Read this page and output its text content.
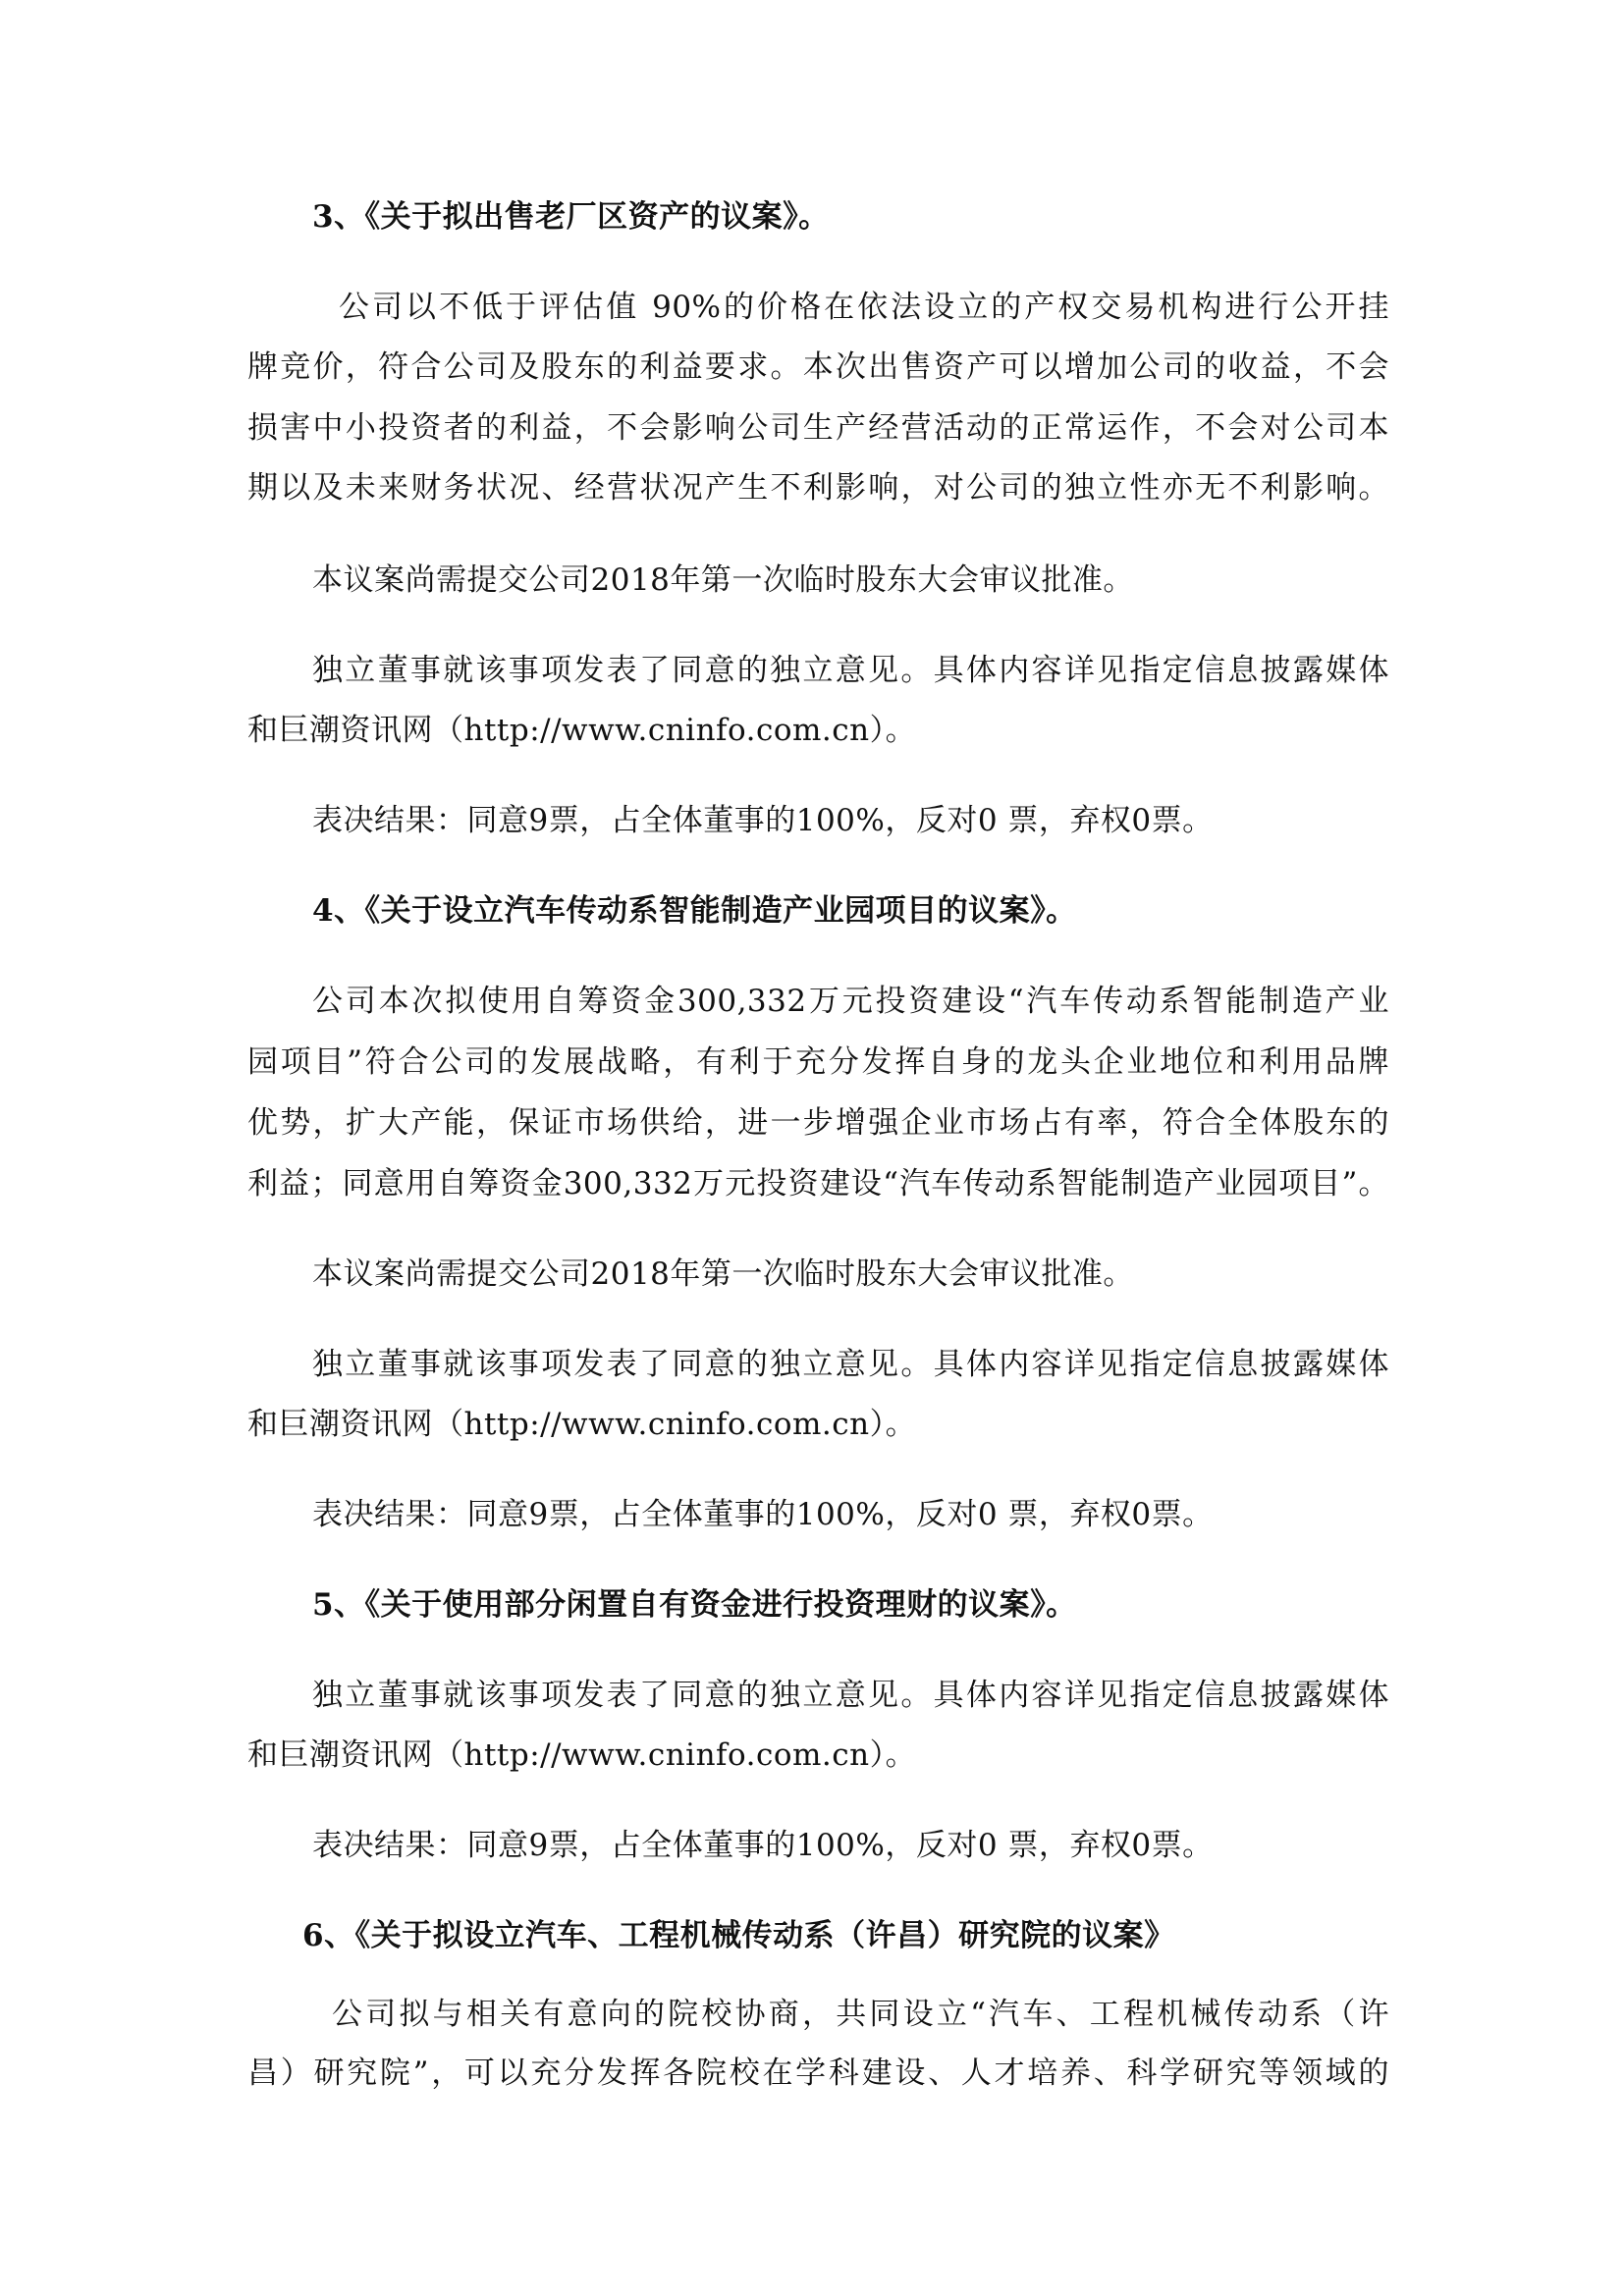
3、《关于拟出售老厂区资产的议案》。
公司以不低于评估值 90%的价格在依法设立的产权交易机构进行公开挂
牌竞价，符合公司及股东的利益要求。本次出售资产可以增加公司的收益，不会
损害中小投资者的利益，不会影响公司生产经营活动的正常运作，不会对公司本
期以及未来财务状况、经营状况产生不利影响，对公司的独立性亦无不利影响。
本议案尚需提交公司2018年第一次临时股东大会审议批准。
独立董事就该事项发表了同意的独立意见。具体内容详见指定信息披露媒体
和巨潮资讯网（http://www.cninfo.com.cn）。
表决结果：同意9票，占全体董事的100%，反对0 票，弃权0票。
4、《关于设立汽车传动系智能制造产业园项目的议案》。
公司本次拟使用自筹资金300,332万元投资建设“汽车传动系智能制造产业
园项目”符合公司的发展战略，有利于充分发挥自身的龙头企业地位和利用品牌
优势，扩大产能，保证市场供给，进一步增强企业市场占有率，符合全体股东的
利益；同意用自筹资金300,332万元投资建设“汽车传动系智能制造产业园项目”。
本议案尚需提交公司2018年第一次临时股东大会审议批准。
独立董事就该事项发表了同意的独立意见。具体内容详见指定信息披露媒体
和巨潮资讯网（http://www.cninfo.com.cn）。
表决结果：同意9票，占全体董事的100%，反对0 票，弃权0票。
5、《关于使用部分闲置自有资金进行投资理财的议案》。
独立董事就该事项发表了同意的独立意见。具体内容详见指定信息披露媒体
和巨潮资讯网（http://www.cninfo.com.cn）。
表决结果：同意9票，占全体董事的100%，反对0 票，弃权0票。
6、《关于拟设立汽车、工程机械传动系（许昌）研究院的议案》
公司拟与相关有意向的院校协商，共同设立“汽车、工程机械传动系（许
昌）研究院”，可以充分发挥各院校在学科建设、人才培养、科学研究等领域的
